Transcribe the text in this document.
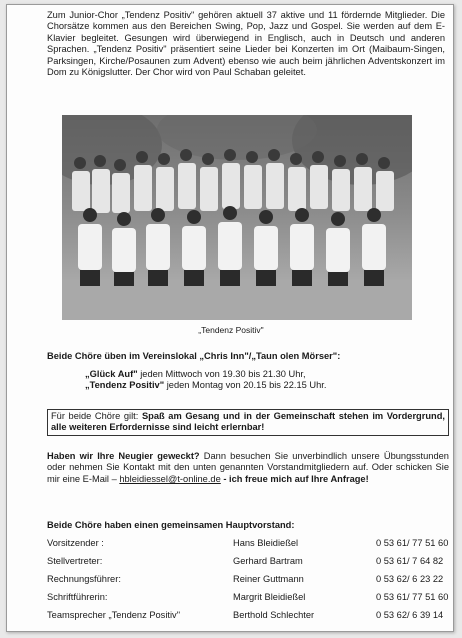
Zum Junior-Chor „Tendenz Positiv" gehören aktuell 37 aktive und 11 fördernde Mitglieder. Die Chorsätze kommen aus den Bereichen Swing, Pop, Jazz und Gospel. Sie werden auf dem E-Klavier begleitet. Gesungen wird überwiegend in Englisch, auch in Deutsch und anderen Sprachen. „Tendenz Positiv" präsentiert seine Lieder bei Konzerten im Ort (Maibaum-Singen, Parksingen, Kirche/Posaunen zum Advent) ebenso wie auch beim jährlichen Adventskonzert im Dom zu Königslutter. Der Chor wird von Paul Schaban geleitet.
„Tendenz Positiv"
Beide Chöre üben im Vereinslokal „Chris Inn"/„Taun olen Mörser":
„Glück Auf" jeden Mittwoch von 19.30 bis 21.30 Uhr,
„Tendenz Positiv" jeden Montag von 20.15 bis 22.15 Uhr.
Für beide Chöre gilt: Spaß am Gesang und in der Gemeinschaft stehen im Vordergrund, alle weiteren Erfordernisse sind leicht erlernbar!
Haben wir Ihre Neugier geweckt? Dann besuchen Sie unverbindlich unsere Übungsstunden oder nehmen Sie Kontakt mit den unten genannten Vorstandmitgliedern auf. Oder schicken Sie mir eine E-Mail – hbleidiessel@t-online.de - ich freue mich auf Ihre Anfrage!
Beide Chöre haben einen gemeinsamen Hauptvorstand:
Vorsitzender :	Hans Bleidießel	0 53 61/ 77 51 60
Stellvertreter:	Gerhard Bartram	0 53 61/ 7 64 82
Rechnungsführer:	Reiner Guttmann	0 53 62/ 6 23 22
Schriftführerin:	Margrit Bleidießel	0 53 61/ 77 51 60
Teamsprecher „Tendenz Positiv"	Berthold Schlechter	0 53 62/ 6 39 14
